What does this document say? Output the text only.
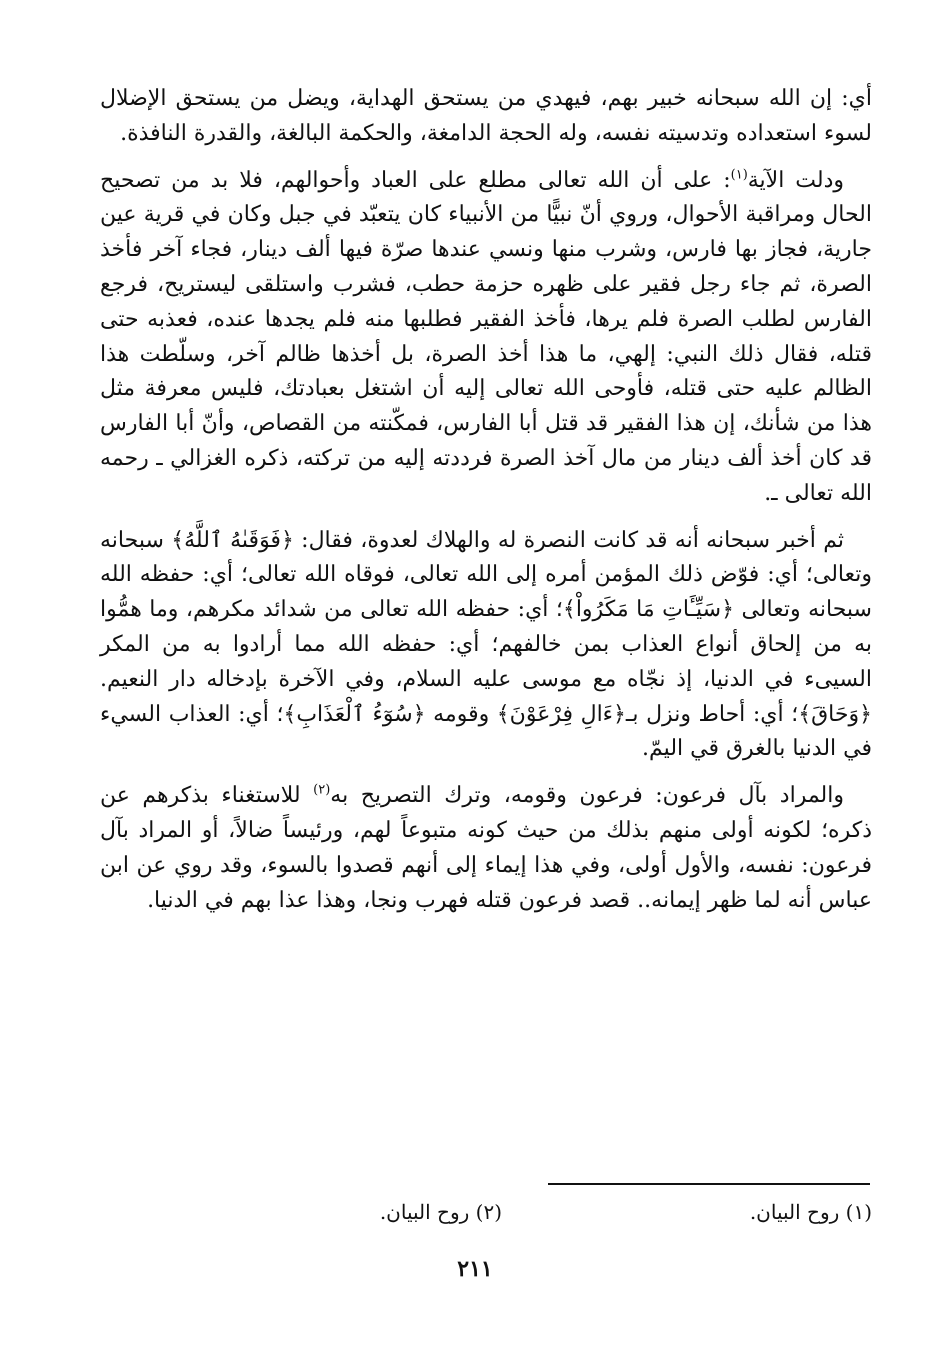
أي: إن الله سبحانه خبير بهم، فيهدي من يستحق الهداية، ويضل من يستحق الإضلال لسوء استعداده وتدسيته نفسه، وله الحجة الدامغة، والحكمة البالغة، والقدرة النافذة.

ودلت الآية$^{(١)}$: على أن الله تعالى مطلع على العباد وأحوالهم، فلا بد من تصحيح الحال ومراقبة الأحوال، وروي أنّ نبيًّا من الأنبياء كان يتعبّد في جبل وكان في قرية عين جارية، فجاز بها فارس، وشرب منها ونسي عندها صرّة فيها ألف دينار، فجاء آخر فأخذ الصرة، ثم جاء رجل فقير على ظهره حزمة حطب، فشرب واستلقى ليستريح، فرجع الفارس لطلب الصرة فلم يرها، فأخذ الفقير فطلبها منه فلم يجدها عنده، فعذبه حتى قتله، فقال ذلك النبي: إلهي، ما هذا أخذ الصرة، بل أخذها ظالم آخر، وسلّطت هذا الظالم عليه حتى قتله، فأوحى الله تعالى إليه أن اشتغل بعبادتك، فليس معرفة مثل هذا من شأنك، إن هذا الفقير قد قتل أبا الفارس، فمكّنته من القصاص، وأنّ أبا الفارس قد كان أخذ ألف دينار من مال آخذ الصرة فرددته إليه من تركته، ذكره الغزالي ـ رحمه الله تعالى ـ.

ثم أخبر سبحانه أنه قد كانت النصرة له والهلاك لعدوة، فقال: ﴿فَوَقَىٰهُ ٱللَّهُ﴾ سبحانه وتعالى؛ أي: فوّض ذلك المؤمن أمره إلى الله تعالى، فوقاه الله تعالى؛ أي: حفظه الله سبحانه وتعالى ﴿سَيِّـَٔاتِ مَا مَكَرُواْ﴾؛ أي: حفظه الله تعالى من شدائد مكرهم، وما همُّوا به من إلحاق أنواع العذاب بمن خالفهم؛ أي: حفظه الله مما أرادوا به من المكر السيىء في الدنيا، إذ نجّاه مع موسى عليه السلام، وفي الآخرة بإدخاله دار النعيم. ﴿وَحَاقَ﴾؛ أي: أحاط ونزل بـ﴿ءَالِ فِرْعَوْنَ﴾ وقومه ﴿سُوٓءُ ٱلْعَذَابِ﴾؛ أي: العذاب السيء في الدنيا بالغرق قي اليمّ.

والمراد بآل فرعون: فرعون وقومه، وترك التصريح به$^{(٢)}$ للاستغناء بذكرهم عن ذكره؛ لكونه أولى منهم بذلك من حيث كونه متبوعاً لهم، ورئيساً ضالاً، أو المراد بآل فرعون: نفسه، والأول أولى، وفي هذا إيماء إلى أنهم قصدوا بالسوء، وقد روي عن ابن عباس أنه لما ظهر إيمانه.. قصد فرعون قتله فهرب ونجا، وهذا عذا بهم في الدنيا.

(١) روح البيان.
(٢) روح البيان.
٢١١
